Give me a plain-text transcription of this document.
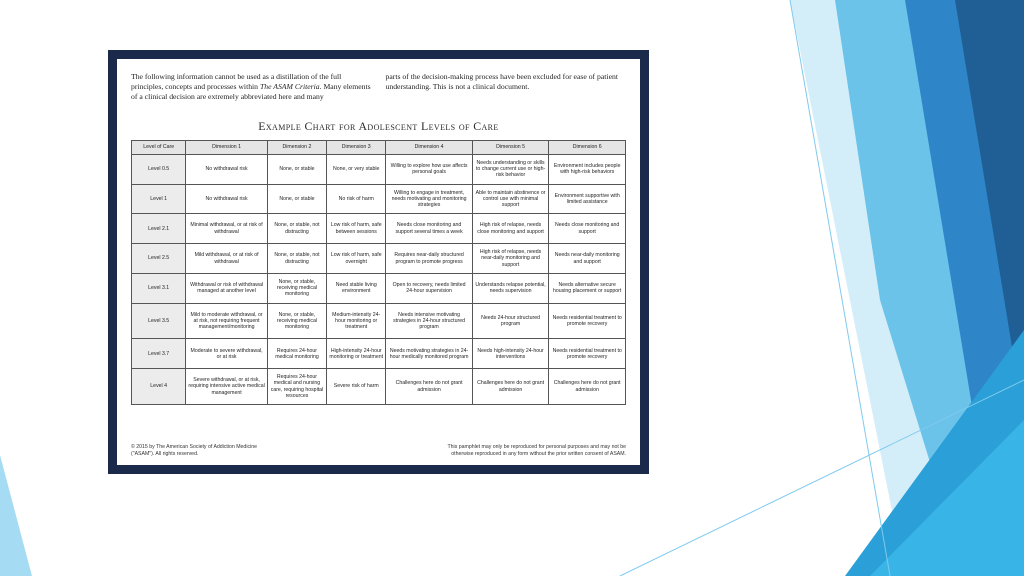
The following information cannot be used as a distillation of the full principles, concepts and processes within The ASAM Criteria. Many elements of a clinical decision are extremely abbreviated here and many

parts of the decision-making process have been excluded for ease of patient understanding. This is not a clinical document.

Example Chart for Adolescent Levels of Care
Level of Care	Dimension 1	Dimension 2	Dimension 3	Dimension 4	Dimension 5	Dimension 6
Level 0.5	No withdrawal risk	None, or stable	None, or very stable	Willing to explore how use affects personal goals	Needs understanding or skills to change current use or high-risk behavior	Environment includes people with high-risk behaviors
Level 1	No withdrawal risk	None, or stable	No risk of harm	Willing to engage in treatment, needs motivating and monitoring strategies	Able to maintain abstinence or control use with minimal support	Environment supportive with limited assistance
Level 2.1	Minimal withdrawal, or at risk of withdrawal	None, or stable, not distracting	Low risk of harm, safe between sessions	Needs close monitoring and support several times a week	High risk of relapse, needs close monitoring and support	Needs close monitoring and support
Level 2.5	Mild withdrawal, or at risk of withdrawal	None, or stable, not distracting	Low risk of harm, safe overnight	Requires near-daily structured program to promote progress	High risk of relapse, needs near-daily monitoring and support	Needs near-daily monitoring and support
Level 3.1	Withdrawal or risk of withdrawal managed at another level	None, or stable, receiving medical monitoring	Need stable living environment	Open to recovery, needs limited 24-hour supervision	Understands relapse potential, needs supervision	Needs alternative secure housing placement or support
Level 3.5	Mild to moderate withdrawal, or at risk, not requiring frequent management/monitoring	None, or stable, receiving medical monitoring	Medium-intensity 24-hour monitoring or treatment	Needs intensive motivating strategies in 24-hour structured program	Needs 24-hour structured program	Needs residential treatment to promote recovery
Level 3.7	Moderate to severe withdrawal, or at risk	Requires 24-hour medical monitoring	High-intensity 24-hour monitoring or treatment	Needs motivating strategies in 24-hour medically monitored program	Needs high-intensity 24-hour interventions	Needs residential treatment to promote recovery
Level 4	Severe withdrawal, or at risk, requiring intensive active medical management	Requires 24-hour medical and nursing care, requiring hospital resources	Severe risk of harm	Challenges here do not grant admission	Challenges here do not grant admission	Challenges here do not grant admission
© 2015 by The American Society of Addiction Medicine ("ASAM"). All rights reserved.
This pamphlet may only be reproduced for personal purposes and may not be otherwise reproduced in any form without the prior written consent of ASAM.
